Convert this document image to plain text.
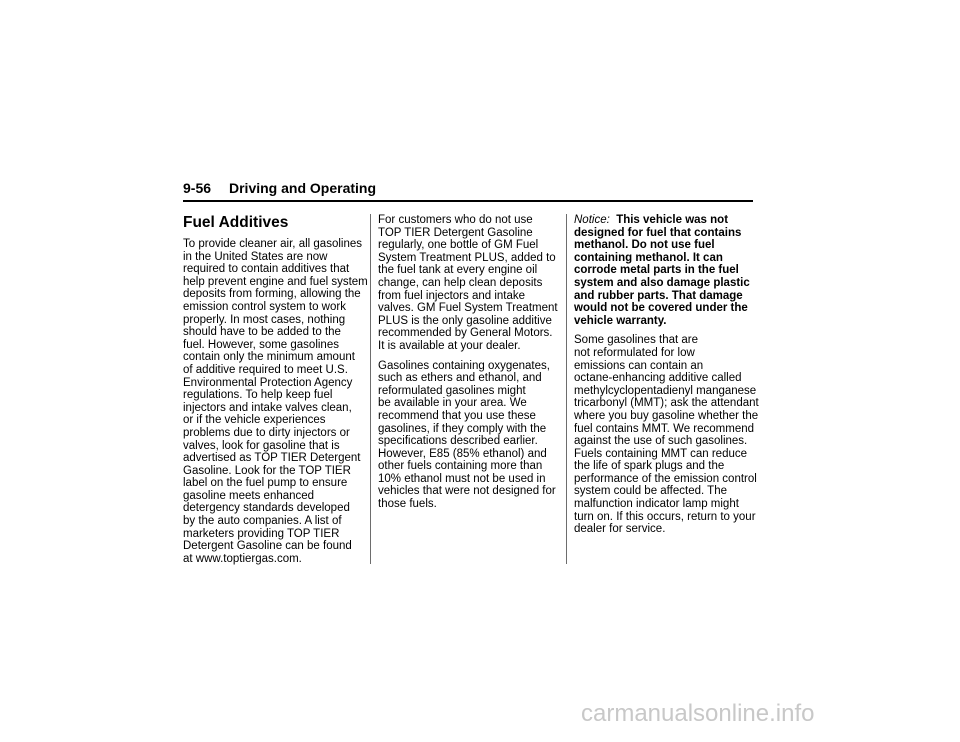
9-56 Driving and Operating
Fuel Additives
To provide cleaner air, all gasolines
in the United States are now
required to contain additives that
help prevent engine and fuel system
deposits from forming, allowing the
emission control system to work
properly. In most cases, nothing
should have to be added to the
fuel. However, some gasolines
contain only the minimum amount
of additive required to meet U.S.
Environmental Protection Agency
regulations. To help keep fuel
injectors and intake valves clean,
or if the vehicle experiences
problems due to dirty injectors or
valves, look for gasoline that is
advertised as TOP TIER Detergent
Gasoline. Look for the TOP TIER
label on the fuel pump to ensure
gasoline meets enhanced
detergency standards developed
by the auto companies. A list of
marketers providing TOP TIER
Detergent Gasoline can be found
at www.toptiergas.com.
For customers who do not use
TOP TIER Detergent Gasoline
regularly, one bottle of GM Fuel
System Treatment PLUS, added to
the fuel tank at every engine oil
change, can help clean deposits
from fuel injectors and intake
valves. GM Fuel System Treatment
PLUS is the only gasoline additive
recommended by General Motors.
It is available at your dealer.
Gasolines containing oxygenates,
such as ethers and ethanol, and
reformulated gasolines might
be available in your area. We
recommend that you use these
gasolines, if they comply with the
specifications described earlier.
However, E85 (85% ethanol) and
other fuels containing more than
10% ethanol must not be used in
vehicles that were not designed for
those fuels.
Notice: This vehicle was not
designed for fuel that contains
methanol. Do not use fuel
containing methanol. It can
corrode metal parts in the fuel
system and also damage plastic
and rubber parts. That damage
would not be covered under the
vehicle warranty.
Some gasolines that are
not reformulated for low
emissions can contain an
octane-enhancing additive called
methylcyclopentadienyl manganese
tricarbonyl (MMT); ask the attendant
where you buy gasoline whether the
fuel contains MMT. We recommend
against the use of such gasolines.
Fuels containing MMT can reduce
the life of spark plugs and the
performance of the emission control
system could be affected. The
malfunction indicator lamp might
turn on. If this occurs, return to your
dealer for service.
carmanualsonline.info
